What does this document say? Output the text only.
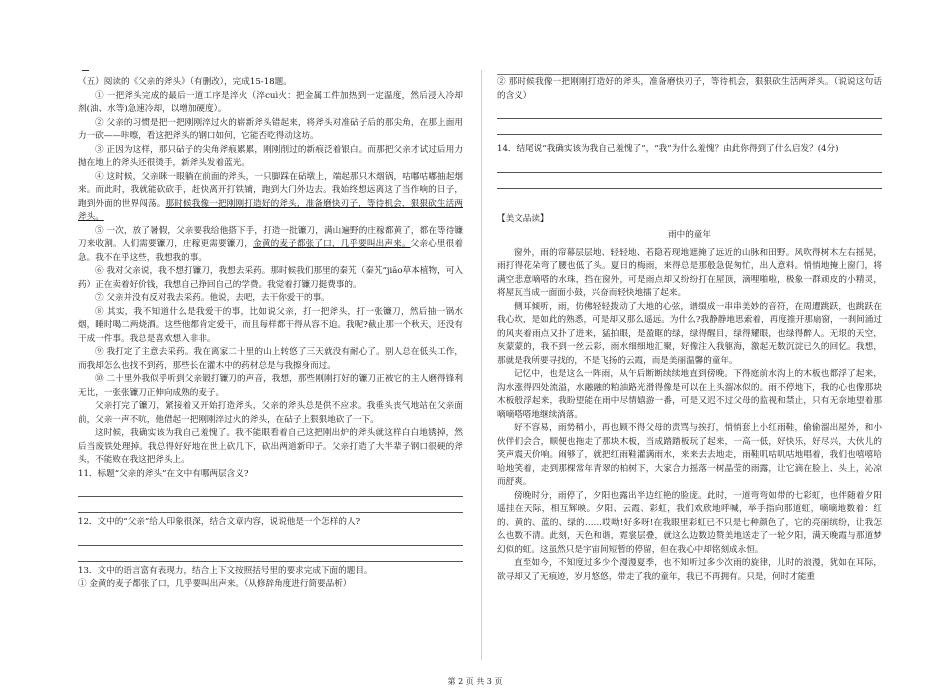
（五）阅读的《父亲的斧头》（有删改），完成15-18题。

① 一把斧头完成的最后一道工序是淬火（淬cuì火：把金属工件加热到一定温度，然后浸入冷却剂(油、水等)急速冷却，以增加硬度）。

② 父亲的习惯是把一把刚刚淬过火的崭新斧头错起来，将斧头对准砧子后的那尖角，在那上面用力一砍——咔嚓，看这把斧头的钢口如何，它能否吃得动这坊。

③ 正因为这样，那只砧子的尖角斧痕累累，刚刚削过的新痕泛着银白。而那把父亲才试过后用力抛在地上的斧头还很烫手，新斧头发着蓝光。

④ 这时候，父亲眯一眼躺在前面的斧头，一只脚踩在砧墩上，端起那只木烟锅，咕嘟咕嘟抽起烟来。而此时，我就能砍砍手，赶快离开打铁铺，跑到大门外边去。我始终想远离这了当作响的日子，跑到外面的世界闯荡。那时候我像一把刚刚打造好的斧头，准备磨快刃子，等待机会，狠狠砍生活两斧头。

⑤ 一次，放了暑假，父亲要我给他搭下手，打造一批镰刀，满山遍野的庄稼都黄了，都在等待镰刀来收割。人们需要镰刀，庄稼更需要镰刀，金黄的麦子都张了口，几乎要叫出声来。父亲心里很着急。我不在乎这些，我想我的事。

⑥ 我对父亲说，我不想打镰刀，我想去采药。那时候我们那里的秦艽（秦艽“jiāo草本植物，可入药）正在卖着好价钱，我想自己挣回自己的学费。我觉着打镰刀挺费事的。

⑦ 父亲并没有反对我去采药。他说，去吧，去干你爱干的事。

⑧ 其实，我不知道什么是我爱干的事，比如说父亲，打一把斧头，打一张镰刀，然后抽一锅水烟，睡时喝二两烧酒。这些他都肯定爱干，而且每样都干得从容不迫。我呢?截止那一个秋天，还没有干成一件事。我总是喜欢想入非非。

⑨ 我打定了主意去采药。我在离家二十里的山上转悠了三天就没有耐心了。别人总在低头工作，而我却怎么也找不到药，那些长在灌木中的药材总是与我擦身而过。

⑩ 二十里外我似乎听到父亲锻打镰刀的声音，我想，那些刚刚打好的镰刀正被它的主人磨得锋利无比，一张张镰刀正伸向成熟的麦子。

父亲打完了镰刀，紧接着又开始打造斧头，父亲的斧头总是供不应求。我垂头丧气地站在父亲面前，父亲一声不吭，他借起一把刚刚淬过火的斧头，在砧子上狠狠地砍了一下。

这时候，我确实该为我自己羞愧了。我不能眼看着自己这把刚出炉的斧头就这样白白地锈掉，然后当废铁处理掉。我总得好好地在世上砍几下，砍出两道新印子。父亲打造了大半辈子钢口很硬的斧头，不能败在我这把斧头上。

11．标题“父亲的斧头”在文中有哪两层含义?

12．文中的“父亲”给人印象很深，结合文章内容，说说他是一个怎样的人?

13．文中的语言富有表现力，结合上下文按照括号里的要求完成下面的题目。

① 金黄的麦子都张了口，几乎要叫出声来。（从修辞角度进行简要品析）

② 那时候我像一把刚刚打造好的斧头，准备磨快刃子，等待机会，狠狠砍生活两斧头。（说说这句话的含义）

14．结尾说“我确实该为我自己羞愧了”，“我”为什么羞愧？由此你得到了什么启发？(4分)

【美文品读】

雨中的童年

窗外，雨的帘幕层层地、轻轻地、若隐若现地遮掩了远近的山脉和田野。风吹得树木左右摇晃，雨打得花朵弯了腰也低了头。夏日的梅雨，来得总是那般急促匆忙，出人意料。悄悄地掩上窗门，将满空悲意嘀嗒的水珠，挡在窗外，可是雨点却又纷纷打在屋顶，滴哩啪啦，极象一群顽皮的小精灵，将屋瓦当成一面面小鼓，兴奋而轻快地擂了起来。

侧耳倾听，雨，仿佛轻轻拨动了大地的心弦，谱缀成一串串美妙的音符，在周遭跳跃，也跳跃在我心坎，是如此的熟悉，可是却又那么遥远。为什么?我静静地思索着，再度推开那扇窗，一刹间涌过的风夹着雨点又扑了进来，猛拍眼，是盈眶的绿，绿得醒目，绿得耀眼，也绿得醉人。无垠的天空，灰蒙蒙的，我不到一丝云彩，雨水细细地汇聚，好像注入我躯海，激起无数沉淀已久的回忆。我想，那就是我所要寻找的，不是飞扬的云霞，而是美丽温馨的童年。

记忆中，也是这么一阵雨，从午后断断续续地直到傍晚。下得庭前水沟上的木板也都浮了起来，沟水涨得四处流溢，水融融的粕油路光滑得像是可以在上头溜冰似的。雨不停地下，我的心也像那块木板般浮起来，我盼望能在雨中尽情嬉游一番，可是又迟不过父母的监视和禁止，只有无奈地望着那嘀嘀嗒嗒地继续淌落。

好不容易，雨势稍小，再也顾不得父母的责骂与挨打，悄悄套上小红雨鞋，偷偷溜出屋外，和小伙伴们会合，顺便也拖走了那块木板，当成踏踏板玩了起来，一高一低，好快乐，好尽兴，大伙儿的笑声震天价响。闹够了，就把红雨鞋灌满雨水，来来去去地走，雨鞋叽咕叽咕地唱着，我们也嘻嘻哈哈地笑着，走到那棵常年青翠的柏树下，大家合力摇落一树晶莹的雨露，让它滴在脸上、头上，沁凉而舒爽。

傍晚时分，雨停了，夕阳也露出半边红艳的脸庞。此时，一道弯弯如带的七彩虹，也伴随着夕阳遥挂在天际，相互辉映。夕阳、云霞、彩虹，我们欢欣地呼喊，举手指向那道虹，嘀嘀地数着：红的、黄的、蓝的、绿的……哎呦!好多呀!在我眼里彩虹已不只是七种颜色了，它的亮丽缤纷，让我怎么也数不清。此刻，天色和谐，霓裳层叠，就这么边数边赞美地送走了一轮夕阳，满天晚霞与那道梦幻似的虹。这虽然只是宇宙间短暂的停留，但在我心中却铭刻成永恒。

直至如今，不知度过多少个漫漫夏季，也不知听过多少次雨的旋律，儿时的浪漫，犹如在耳际，欲寻却又了无痕迹，岁月悠悠，带走了我的童年，我已不再拥有。只是，何时才能重

第 2 页 共 3 页
